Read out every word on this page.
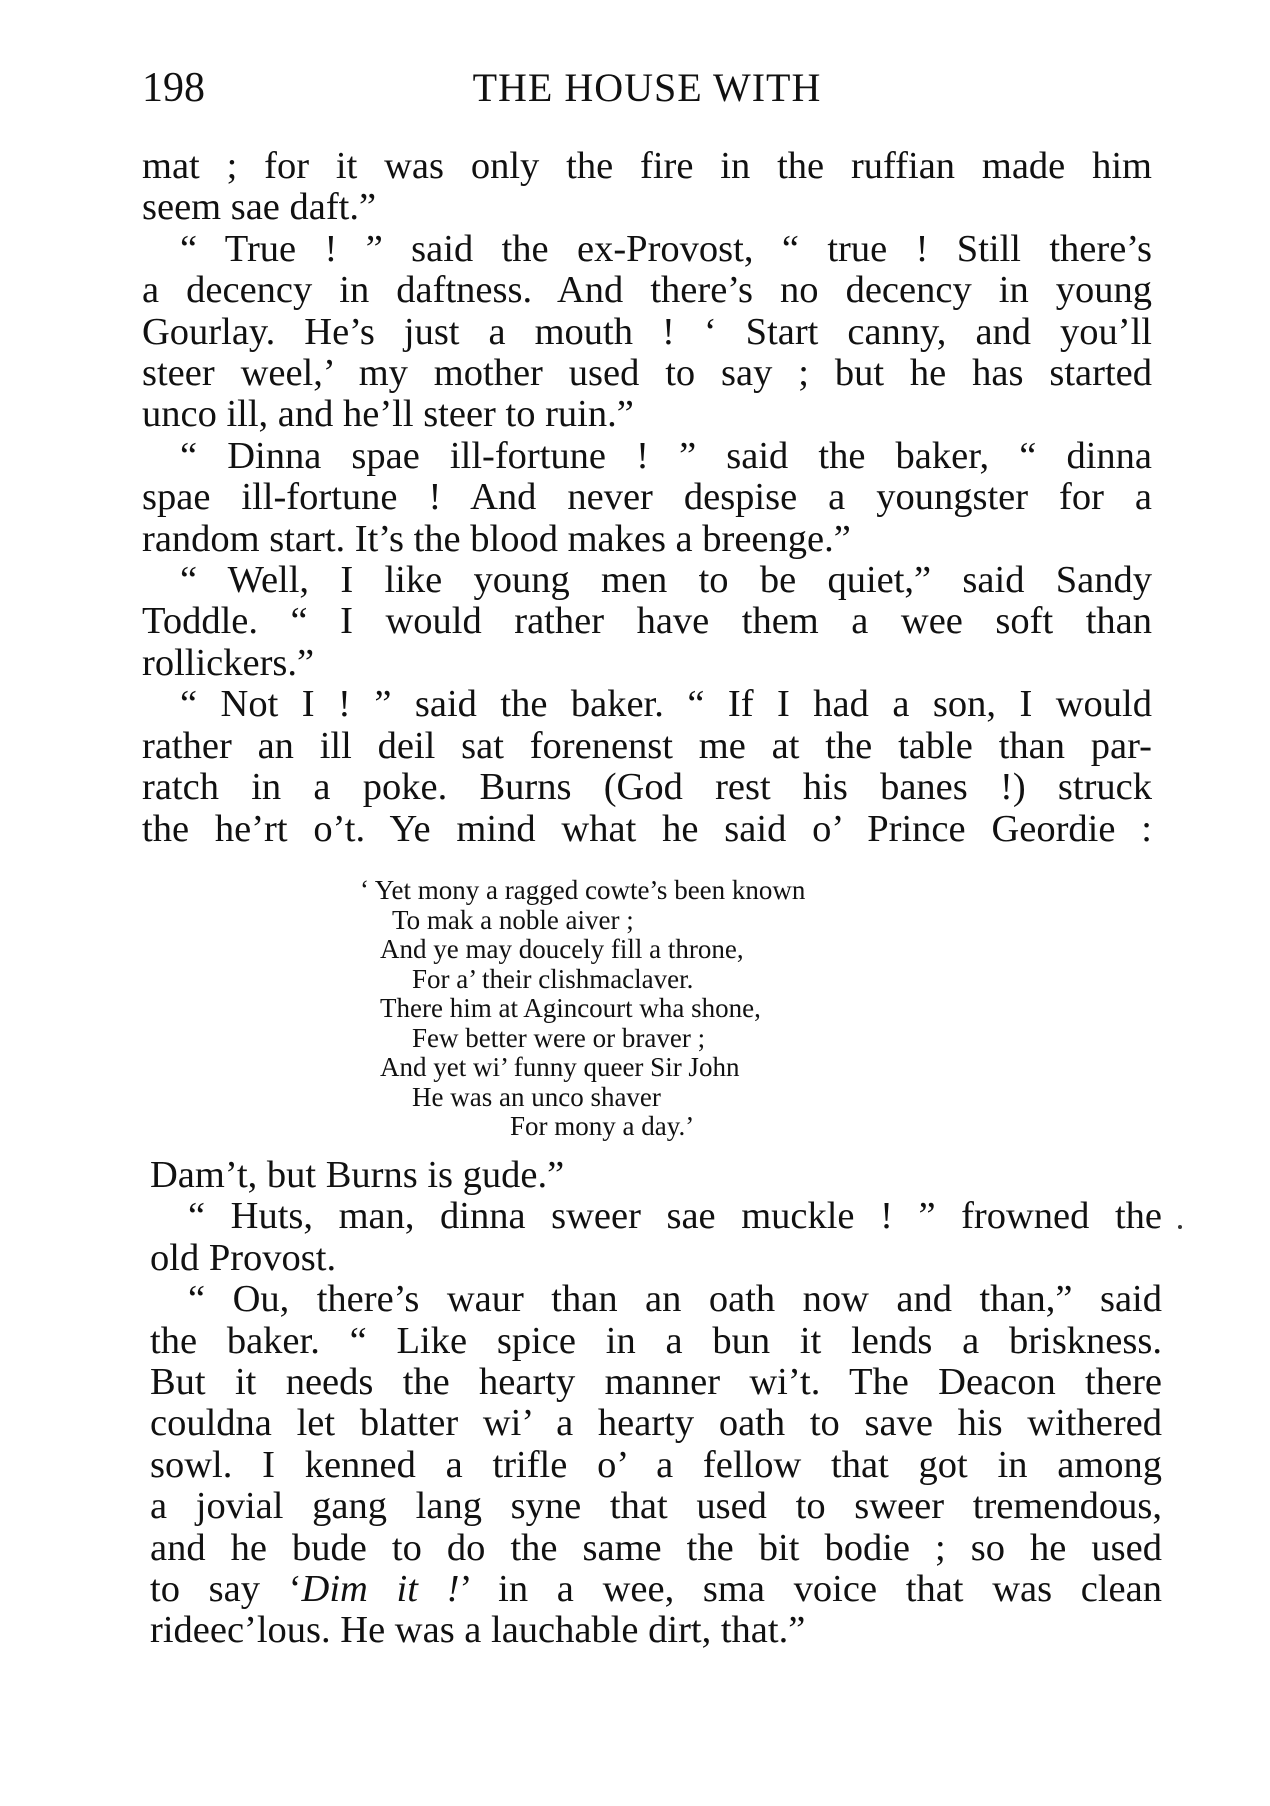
198	THE HOUSE WITH
mat ; for it was only the fire in the ruffian made him
seem sae daft.”
“ True ! ” said the ex-Provost, “ true ! Still there’s
a decency in daftness. And there’s no decency in young
Gourlay. He’s just a mouth ! ‘ Start canny, and you’ll
steer weel,’ my mother used to say ; but he has started
unco ill, and he’ll steer to ruin.”
“ Dinna spae ill-fortune ! ” said the baker, “ dinna
spae ill-fortune ! And never despise a youngster for a
random start. It’s the blood makes a breenge.”
“ Well, I like young men to be quiet,” said Sandy
Toddle. “ I would rather have them a wee soft than
rollickers.”
“ Not I ! ” said the baker. “ If I had a son, I would
rather an ill deil sat forenenst me at the table than par-
ratch in a poke. Burns (God rest his banes !) struck
the he’rt o’t. Ye mind what he said o’ Prince Geordie :
‘ Yet mony a ragged cowte’s been known
To mak a noble aiver ;
And ye may doucely fill a throne,
For a’ their clishmaclaver.
There him at Agincourt wha shone,
Few better were or braver ;
And yet wi’ funny queer Sir John
He was an unco shaver
For mony a day.’
Dam’t, but Burns is gude.”
“ Huts, man, dinna sweer sae muckle ! ” frowned the
old Provost.
“ Ou, there’s waur than an oath now and than,” said
the baker. “ Like spice in a bun it lends a briskness.
But it needs the hearty manner wi’t. The Deacon there
couldna let blatter wi’ a hearty oath to save his withered
sowl. I kenned a trifle o’ a fellow that got in among
a jovial gang lang syne that used to sweer tremendous,
and he bude to do the same the bit bodie ; so he used
to say ‘Dim it !’ in a wee, sma voice that was clean
rideec’lous. He was a lauchable dirt, that.”
